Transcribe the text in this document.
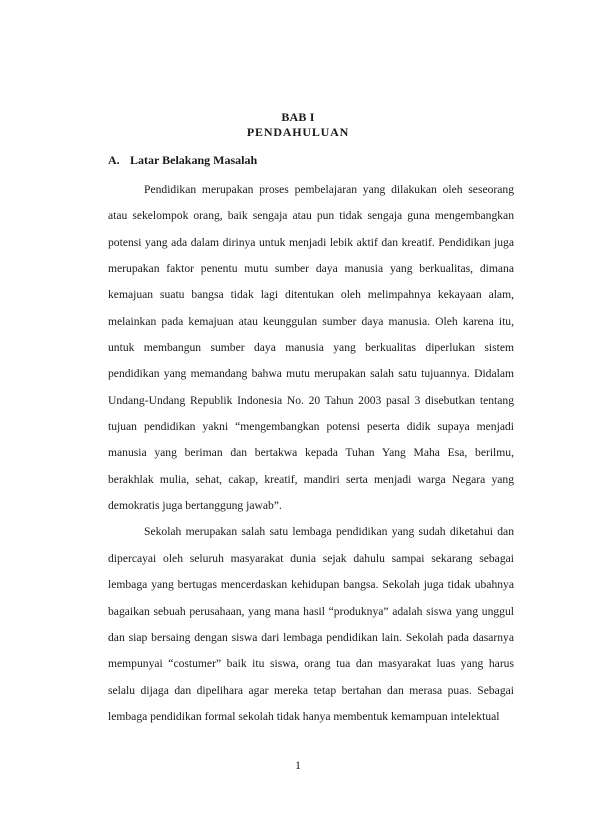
BAB I
PENDAHULUAN
A. Latar Belakang Masalah

Pendidikan merupakan proses pembelajaran yang dilakukan oleh seseorang atau sekelompok orang, baik sengaja atau pun tidak sengaja guna mengembangkan potensi yang ada dalam dirinya untuk menjadi lebik aktif dan kreatif. Pendidikan juga merupakan faktor penentu mutu sumber daya manusia yang berkualitas, dimana kemajuan suatu bangsa tidak lagi ditentukan oleh melimpahnya kekayaan alam, melainkan pada kemajuan atau keunggulan sumber daya manusia. Oleh karena itu, untuk membangun sumber daya manusia yang berkualitas diperlukan sistem pendidikan yang memandang bahwa mutu merupakan salah satu tujuannya. Didalam Undang-Undang Republik Indonesia No. 20 Tahun 2003 pasal 3 disebutkan tentang tujuan pendidikan yakni “mengembangkan potensi peserta didik supaya menjadi manusia yang beriman dan bertakwa kepada Tuhan Yang Maha Esa, berilmu, berakhlak mulia, sehat, cakap, kreatif, mandiri serta menjadi warga Negara yang demokratis juga bertanggung jawab”.

Sekolah merupakan salah satu lembaga pendidikan yang sudah diketahui dan dipercayai oleh seluruh masyarakat dunia sejak dahulu sampai sekarang sebagai lembaga yang bertugas mencerdaskan kehidupan bangsa. Sekolah juga tidak ubahnya bagaikan sebuah perusahaan, yang mana hasil “produknya” adalah siswa yang unggul dan siap bersaing dengan siswa dari lembaga pendidikan lain. Sekolah pada dasarnya mempunyai “costumer” baik itu siswa, orang tua dan masyarakat luas yang harus selalu dijaga dan dipelihara agar mereka tetap bertahan dan merasa puas. Sebagai lembaga pendidikan formal sekolah tidak hanya membentuk kemampuan intelektual

1
